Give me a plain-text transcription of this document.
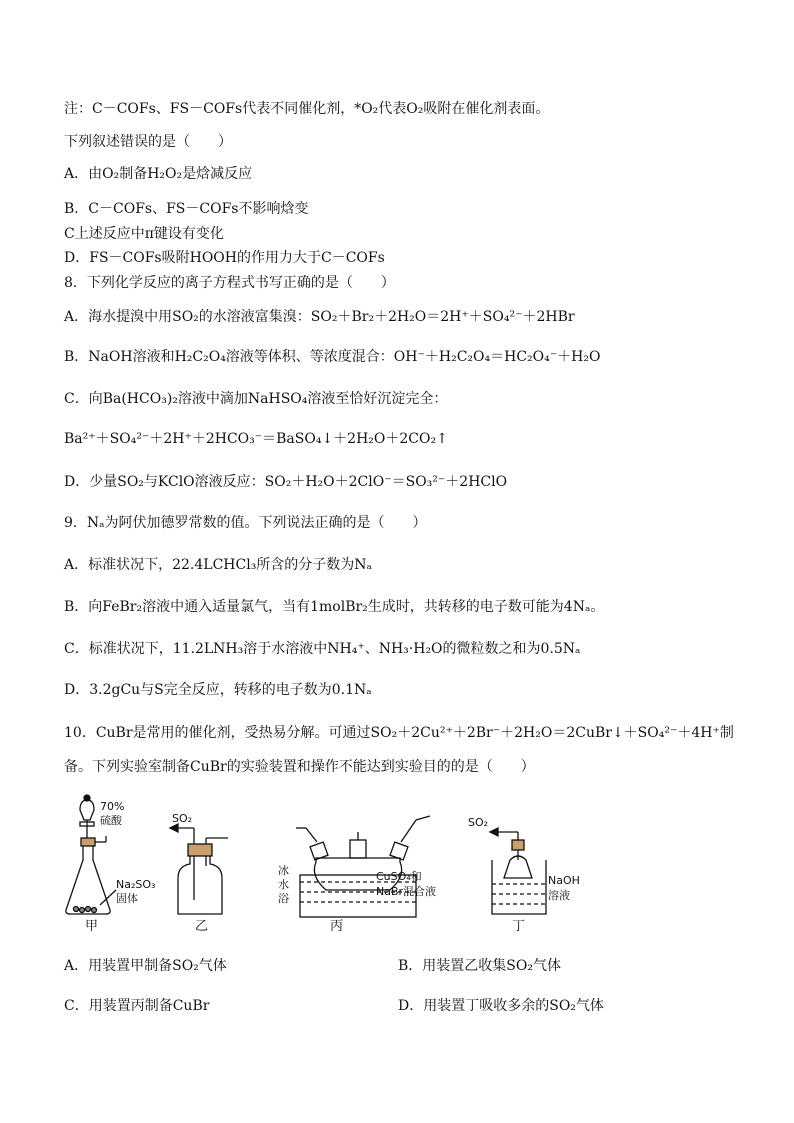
注：C－COFs、FS－COFs代表不同催化剂，*O₂代表O₂吸附在催化剂表面。
下列叙述错误的是（　　）
A．由O₂制备H₂O₂是焓减反应
B．C－COFs、FS－COFs不影响焓变
C上述反应中π键设有变化
D．FS－COFs吸附HOOH的作用力大于C－COFs
8．下列化学反应的离子方程式书写正确的是（　　）
A．海水提溴中用SO₂的水溶液富集溴：SO₂＋Br₂＋2H₂O＝2H⁺＋SO₄²⁻＋2HBr
B．NaOH溶液和H₂C₂O₄溶液等体积、等浓度混合：OH⁻＋H₂C₂O₄＝HC₂O₄⁻＋H₂O
C．向Ba(HCO₃)₂溶液中滴加NaHSO₄溶液至恰好沉淀完全：
Ba²⁺＋SO₄²⁻＋2H⁺＋2HCO₃⁻＝BaSO₄↓＋2H₂O＋2CO₂↑
D．少量SO₂与KClO溶液反应：SO₂＋H₂O＋2ClO⁻＝SO₃²⁻＋2HClO
9．Nₐ为阿伏加德罗常数的值。下列说法正确的是（　　）
A．标准状况下，22.4LCHCl₃所含的分子数为Nₐ
B．向FeBr₂溶液中通入适量氯气，当有1molBr₂生成时，共转移的电子数可能为4Nₐ。
C．标准状况下，11.2LNH₃溶于水溶液中NH₄⁺、NH₃·H₂O的微粒数之和为0.5Nₐ
D．3.2gCu与S完全反应，转移的电子数为0.1Nₐ
10．CuBr是常用的催化剂，受热易分解。可通过SO₂＋2Cu²⁺＋2Br⁻＋2H₂O＝2CuBr↓＋SO₄²⁻＋4H⁺制
备。下列实验室制备CuBr的实验装置和操作不能达到实验目的的是（　　）
70%
硫酸
Na₂SO₃
固体
甲
SO₂
乙
冰
水
浴
CuSO₄和
NaBr混合液
丙
SO₂
NaOH
溶液
丁
A．用装置甲制备SO₂气体	B．用装置乙收集SO₂气体
C．用装置丙制备CuBr	D．用装置丁吸收多余的SO₂气体
